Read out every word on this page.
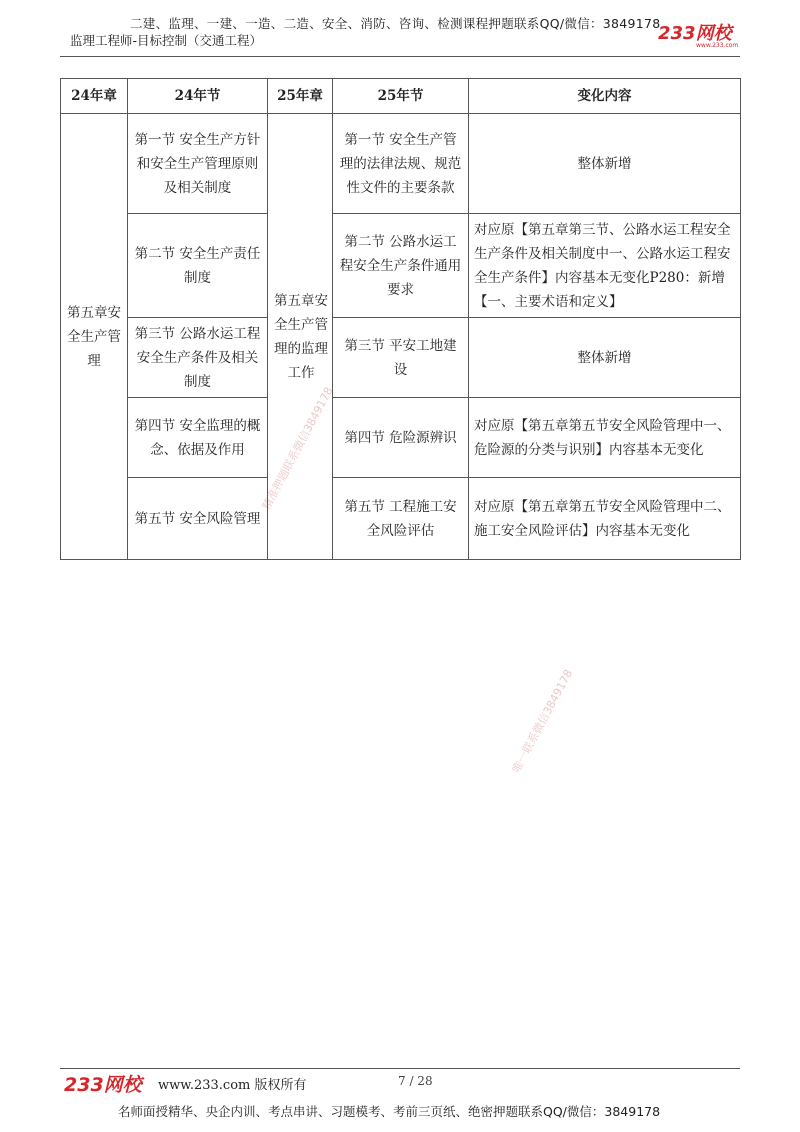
二建、监理、一建、一造、二造、安全、消防、咨询、检测课程押题联系QQ/微信：3849178
监理工程师-目标控制（交通工程）	233网校
www.233.com
24年章	24年节	25年章	25年节	变化内容
第五章安全生产管理	第一节 安全生产方针和安全生产管理原则及相关制度	第五章安全生产管理的监理工作	第一节 安全生产管理的法律法规、规范性文件的主要条款	整体新增
	第二节 安全生产责任制度		第二节 公路水运工程安全生产条件通用要求	对应原【第五章第三节、公路水运工程安全生产条件及相关制度中一、公路水运工程安全生产条件】内容基本无变化P280：新增【一、主要术语和定义】
	第三节 公路水运工程安全生产条件及相关制度		第三节 平安工地建设	整体新增
	第四节 安全监理的概念、依据及作用		第四节 危险源辨识	对应原【第五章第五节安全风险管理中一、危险源的分类与识别】内容基本无变化
	第五节 安全风险管理		第五节 工程施工安全风险评估	对应原【第五章第五节安全风险管理中二、施工安全风险评估】内容基本无变化
精准押题联系微信3849178
唯一联系微信3849178
233网校 www.233.com 版权所有	7 / 28
名师面授精华、央企内训、考点串讲、习题模考、考前三页纸、绝密押题联系QQ/微信：3849178
